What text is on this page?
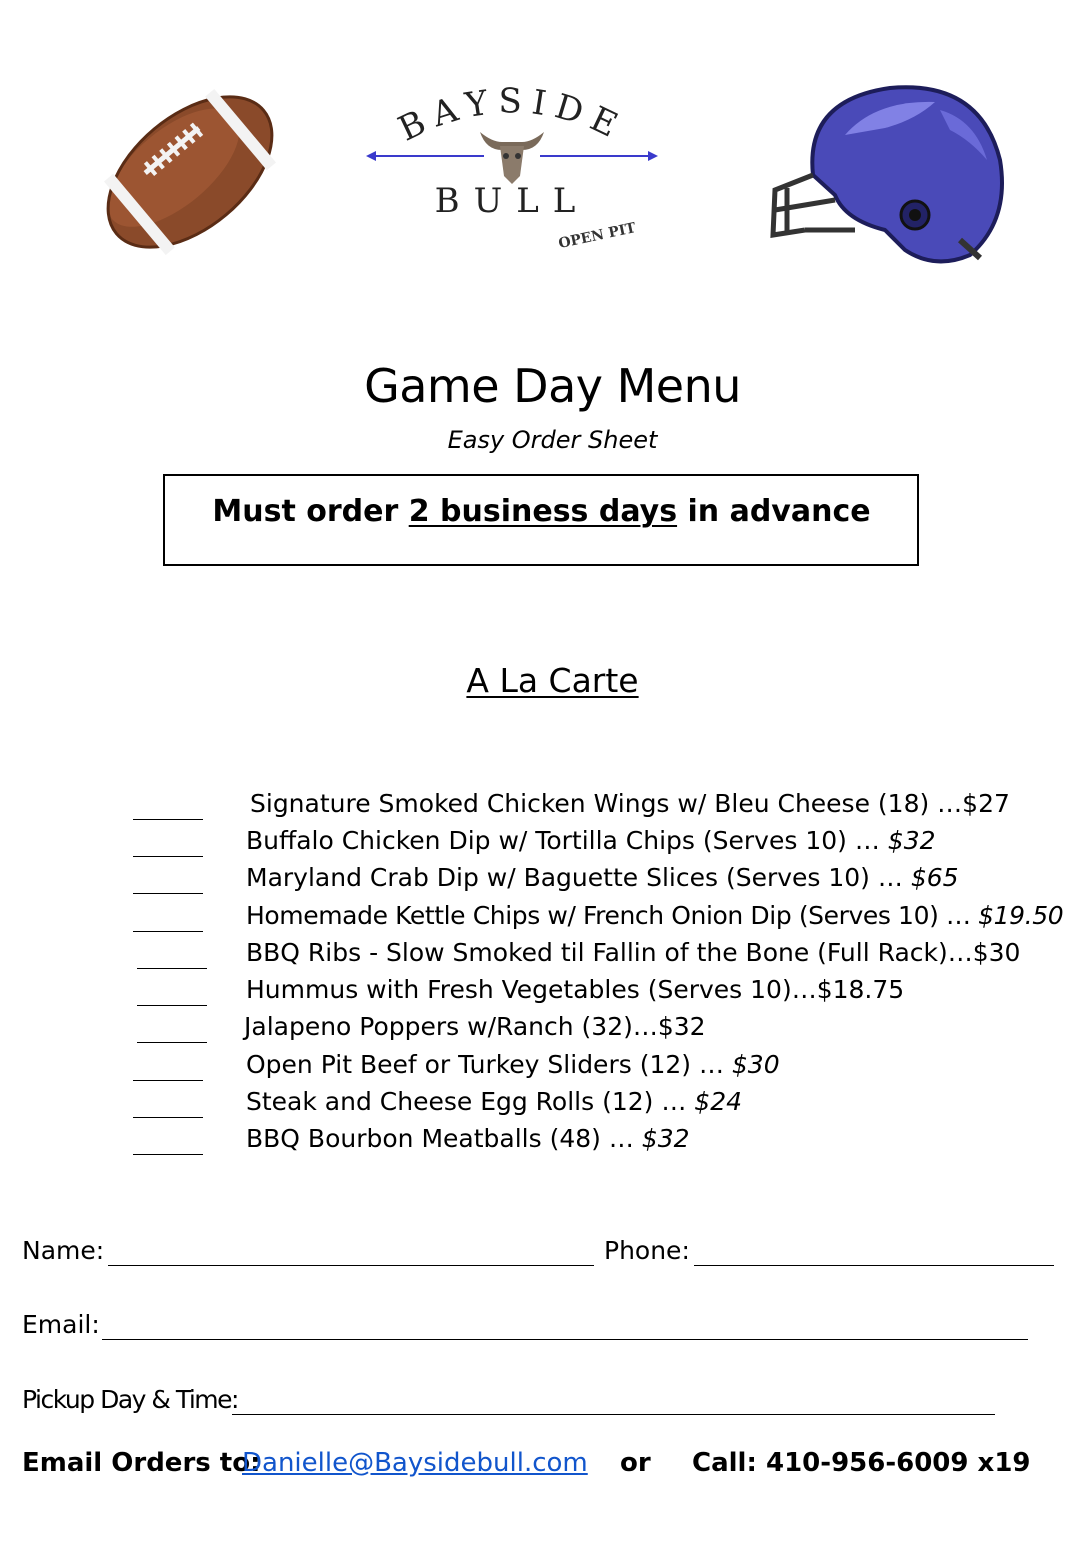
BAYSIDE
BULL
OPEN PIT
Game Day Menu
Easy Order Sheet
Must order 2 business days in advance
A La Carte
Signature Smoked Chicken Wings w/ Bleu Cheese (18) …$27
Buffalo Chicken Dip w/ Tortilla Chips (Serves 10) … $32
Maryland Crab Dip w/ Baguette Slices (Serves 10) … $65
Homemade Kettle Chips w/ French Onion Dip (Serves 10) … $19.50
BBQ Ribs - Slow Smoked til Fallin of the Bone (Full Rack)…$30
Hummus with Fresh Vegetables (Serves 10)…$18.75
Jalapeno Poppers w/Ranch (32)…$32
Open Pit Beef or Turkey Sliders (12) … $30
Steak and Cheese Egg Rolls (12) … $24
BBQ Bourbon Meatballs (48) … $32
Name:	Phone:
Email:
Pickup Day & Time:
Email Orders to:
Danielle@Baysidebull.com or Call: 410-956-6009 x19
